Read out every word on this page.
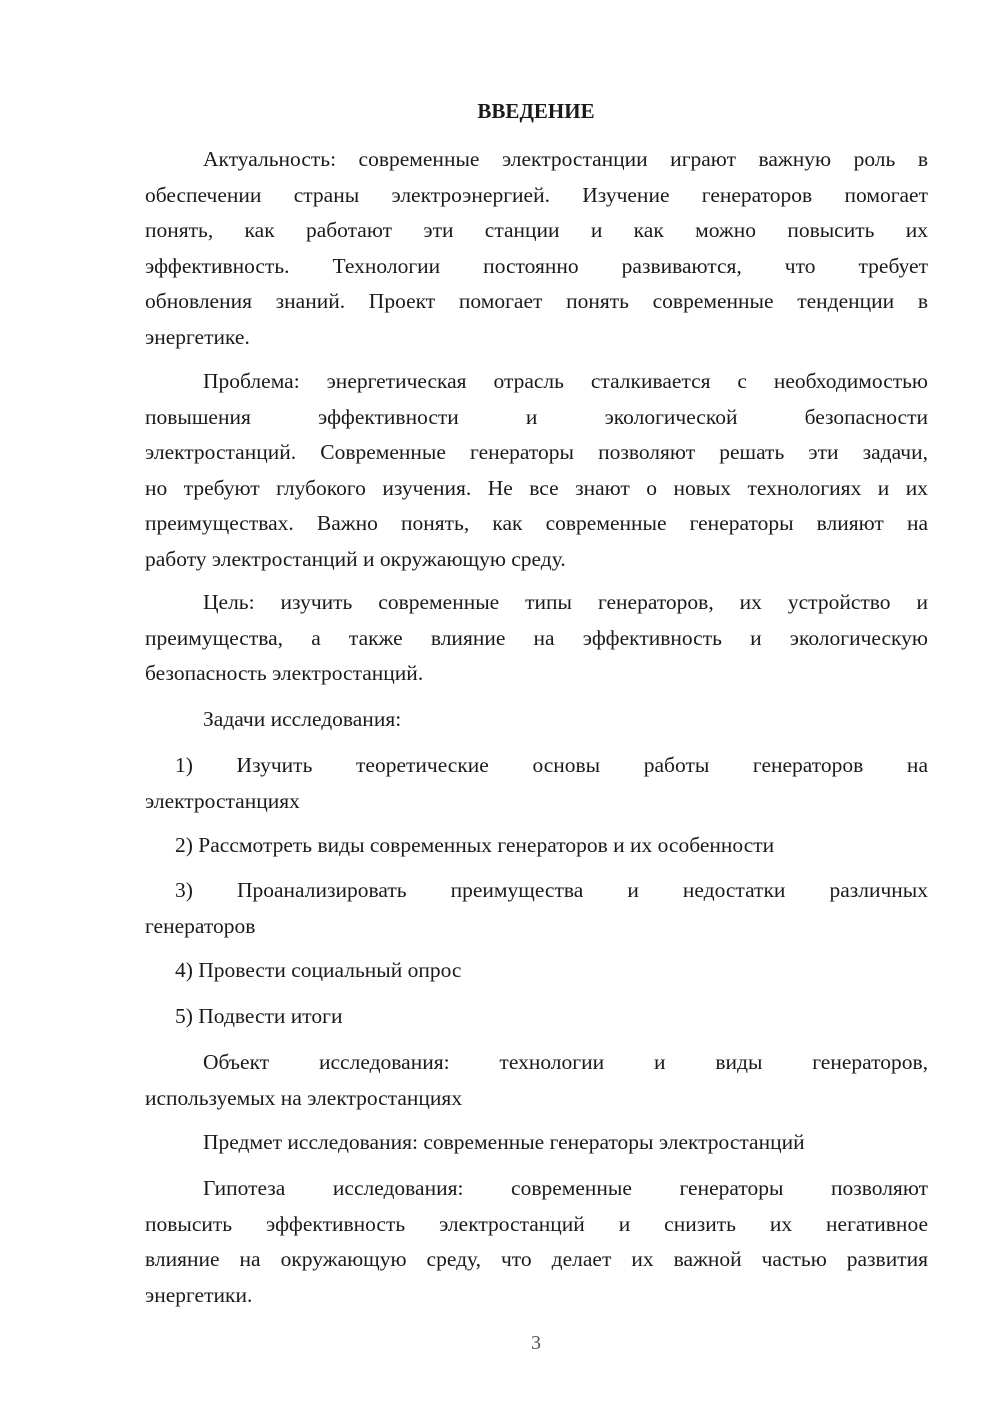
ВВЕДЕНИЕ
Актуальность: современные электростанции играют важную роль в
обеспечении страны электроэнергией. Изучение генераторов помогает
понять, как работают эти станции и как можно повысить их
эффективность. Технологии постоянно развиваются, что требует
обновления знаний. Проект помогает понять современные тенденции в
энергетике.
Проблема: энергетическая отрасль сталкивается с необходимостью
повышения эффективности и экологической безопасности
электростанций. Современные генераторы позволяют решать эти задачи,
но требуют глубокого изучения. Не все знают о новых технологиях и их
преимуществах. Важно понять, как современные генераторы влияют на
работу электростанций и окружающую среду.
Цель: изучить современные типы генераторов, их устройство и
преимущества, а также влияние на эффективность и экологическую
безопасность электростанций.
Задачи исследования:
1) Изучить теоретические основы работы генераторов на
электростанциях
2) Рассмотреть виды современных генераторов и их особенности
3) Проанализировать преимущества и недостатки различных
генераторов
4) Провести социальный опрос
5) Подвести итоги
Объект исследования: технологии и виды генераторов,
используемых на электростанциях
Предмет исследования: современные генераторы электростанций
Гипотеза исследования: современные генераторы позволяют
повысить эффективность электростанций и снизить их негативное
влияние на окружающую среду, что делает их важной частью развития
энергетики.
3
